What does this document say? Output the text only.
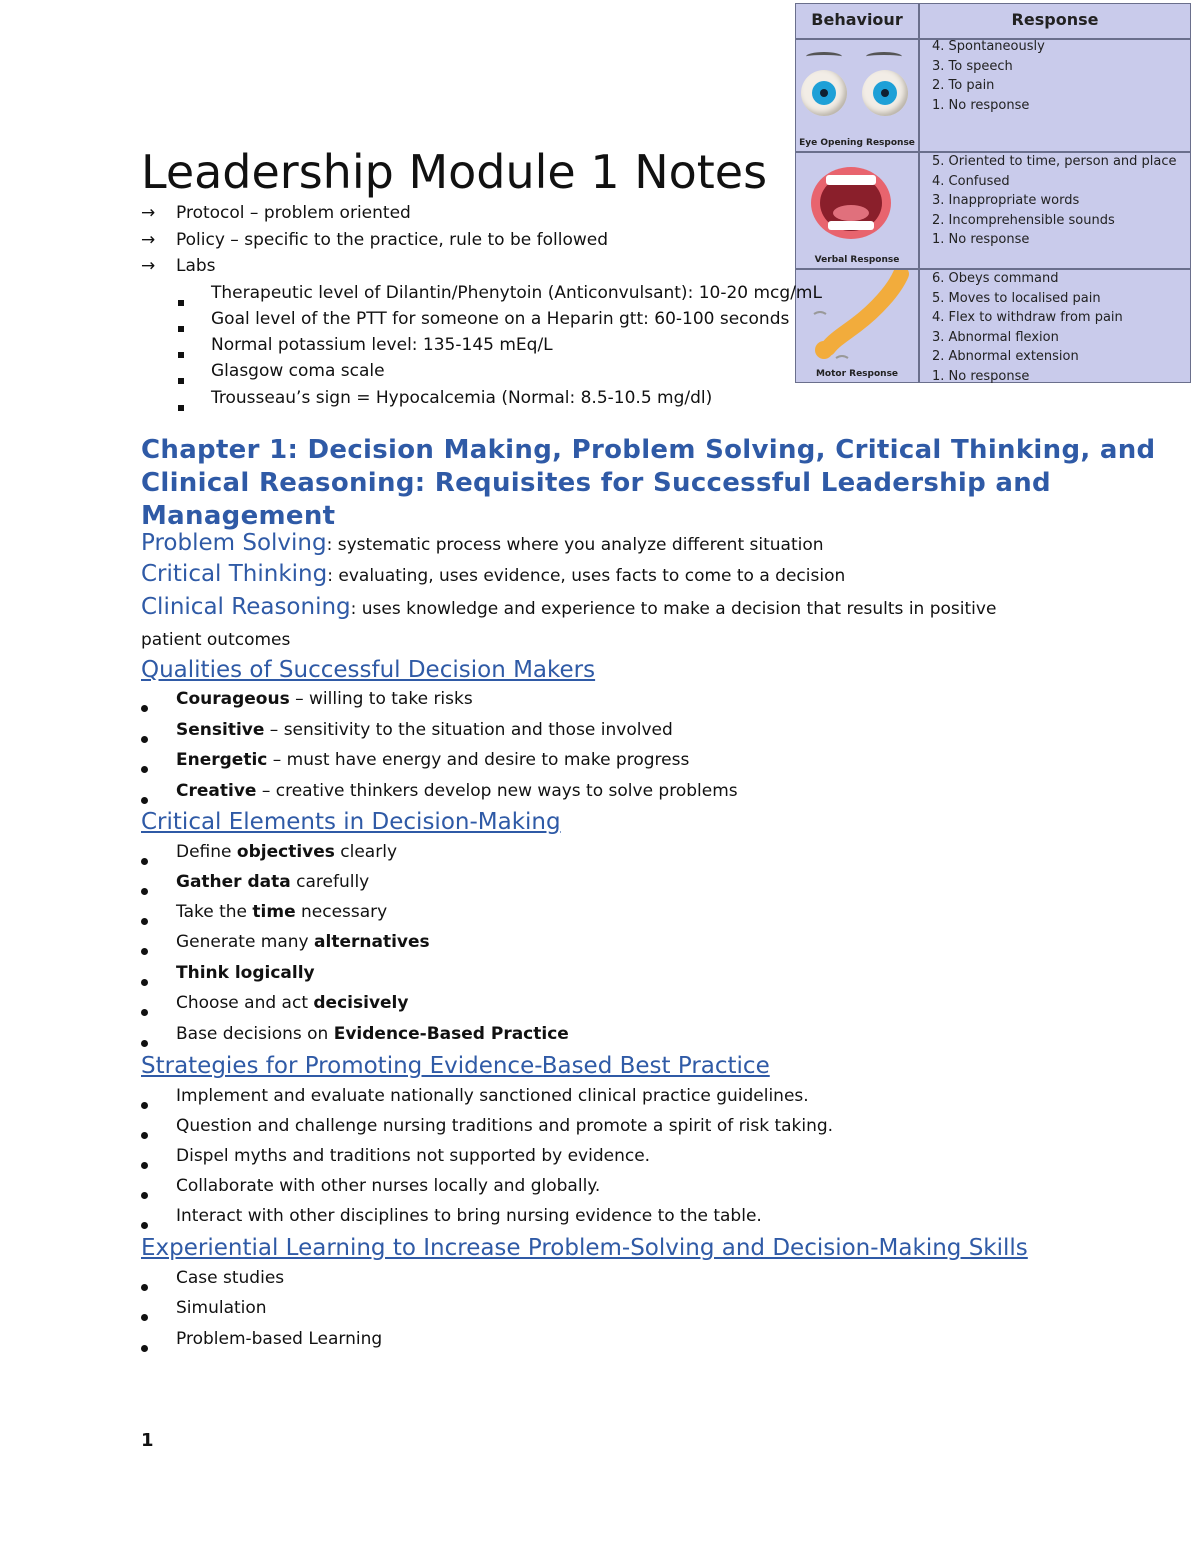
Leadership Module 1 Notes
Behaviour	Response
Eye Opening Response
4. Spontaneously
3. To speech
2. To pain
1. No response
Verbal Response
5. Oriented to time, person and place
4. Confused
3. Inappropriate words
2. Incomprehensible sounds
1. No response
Motor Response
6. Obeys command
5. Moves to localised pain
4. Flex to withdraw from pain
3. Abnormal flexion
2. Abnormal extension
1. No response
→ Protocol – problem oriented
→ Policy – specific to the practice, rule to be followed
→ Labs
Therapeutic level of Dilantin/Phenytoin (Anticonvulsant): 10-20 mcg/mL
Goal level of the PTT for someone on a Heparin gtt: 60-100 seconds
Normal potassium level: 135-145 mEq/L
Glasgow coma scale
Trousseau’s sign = Hypocalcemia (Normal: 8.5-10.5 mg/dl)
Chapter 1: Decision Making, Problem Solving, Critical Thinking, and Clinical Reasoning: Requisites for Successful Leadership and Management
Problem Solving: systematic process where you analyze different situation
Critical Thinking: evaluating, uses evidence, uses facts to come to a decision
Clinical Reasoning: uses knowledge and experience to make a decision that results in positive patient outcomes
Qualities of Successful Decision Makers
Courageous – willing to take risks
Sensitive – sensitivity to the situation and those involved
Energetic – must have energy and desire to make progress
Creative – creative thinkers develop new ways to solve problems
Critical Elements in Decision-Making
Define objectives clearly
Gather data carefully
Take the time necessary
Generate many alternatives
Think logically
Choose and act decisively
Base decisions on Evidence-Based Practice
Strategies for Promoting Evidence-Based Best Practice
Implement and evaluate nationally sanctioned clinical practice guidelines.
Question and challenge nursing traditions and promote a spirit of risk taking.
Dispel myths and traditions not supported by evidence.
Collaborate with other nurses locally and globally.
Interact with other disciplines to bring nursing evidence to the table.
Experiential Learning to Increase Problem-Solving and Decision-Making Skills
Case studies
Simulation
Problem-based Learning
1
